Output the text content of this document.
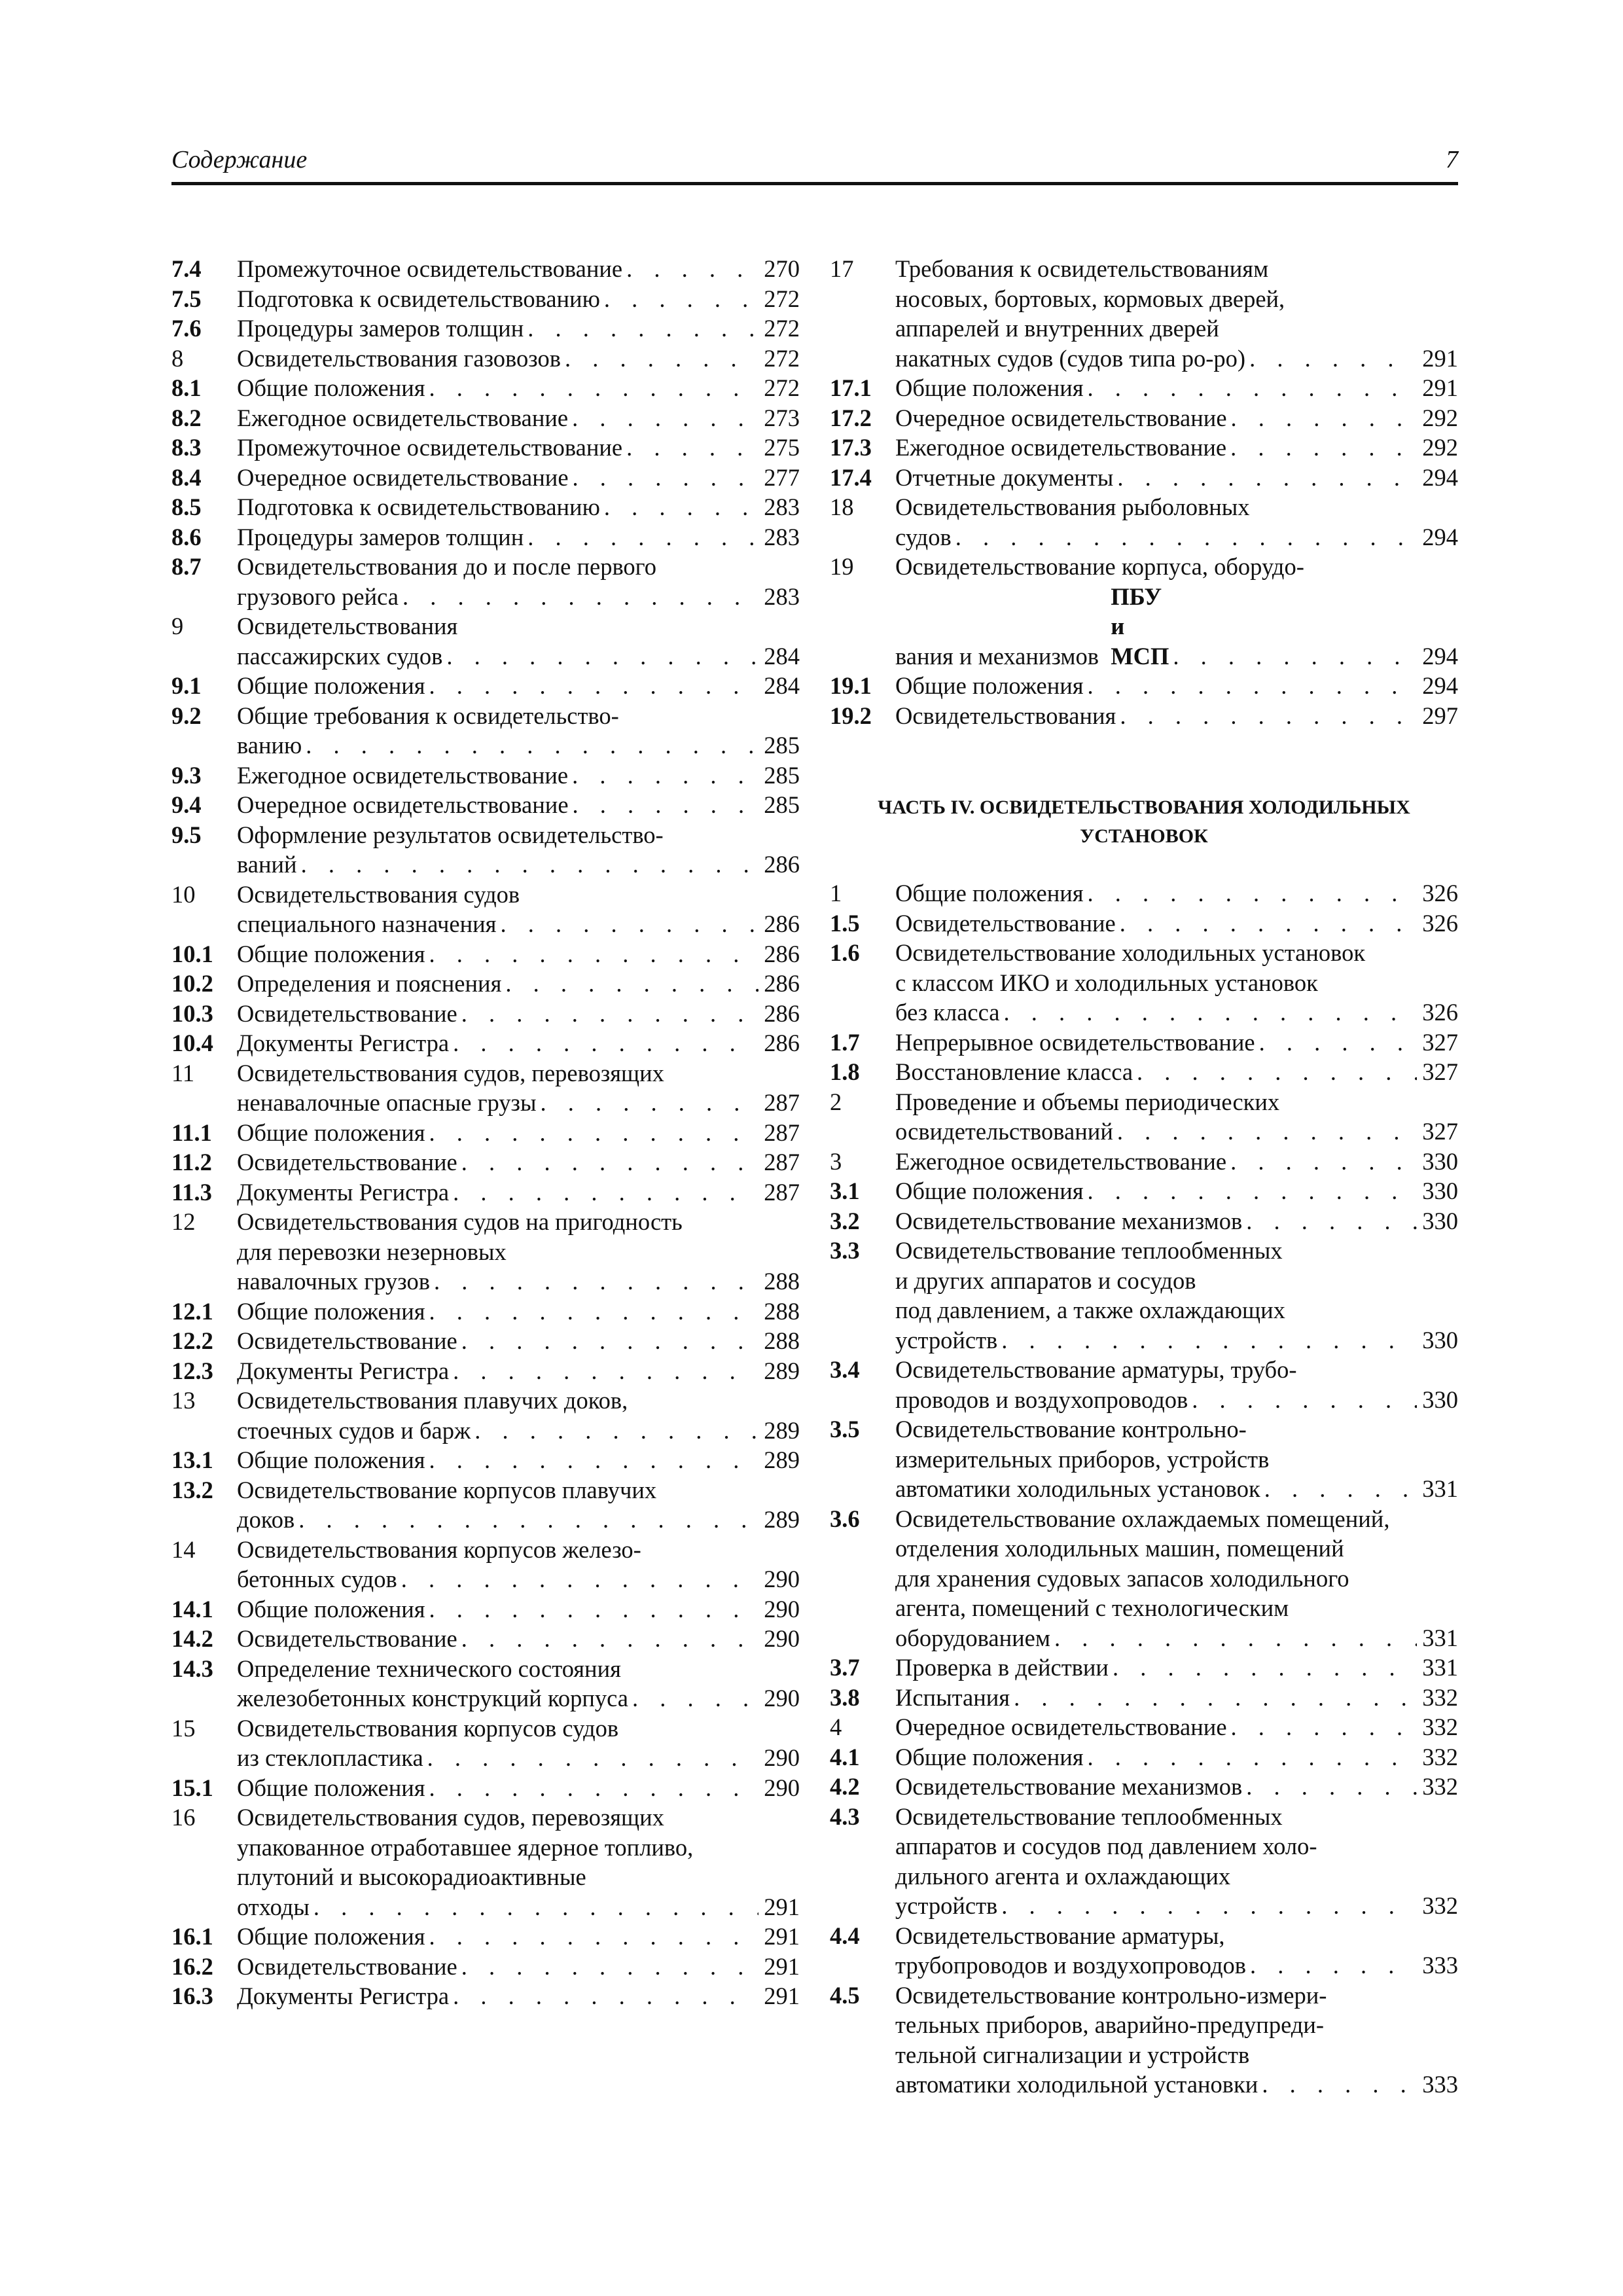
Содержание	7
7.4	Промежуточное освидетельствование . . .	270
7.5	Подготовка к освидетельствованию . . .	272
7.6	Процедуры замеров толщин . . .	272
8	Освидетельствования газовозов . . .	272
8.1	Общие положения . . .	272
8.2	Ежегодное освидетельствование . . .	273
8.3	Промежуточное освидетельствование . . .	275
8.4	Очередное освидетельствование . . .	277
8.5	Подготовка к освидетельствованию . . .	283
8.6	Процедуры замеров толщин . . .	283
8.7	Освидетельствования до и после первого
грузового рейса . . .	283
9	Освидетельствования
пассажирских судов . . .	284
9.1	Общие положения . . .	284
9.2	Общие требования к освидетельство-
ванию . . .	285
9.3	Ежегодное освидетельствование . . .	285
9.4	Очередное освидетельствование . . .	285
9.5	Оформление результатов освидетельство-
ваний . . .	286
10	Освидетельствования судов
специального назначения . . .	286
10.1 Общие положения . . .	286
10.2 Определения и пояснения . . .	286
10.3 Освидетельствование . . .	286
10.4 Документы Регистра . . .	286
11	Освидетельствования судов, перевозящих
ненавалочные опасные грузы . . .	287
11.1	Общие положения . . .	287
11.2	Освидетельствование . . .	287
11.3	Документы Регистра . . .	287
12	Освидетельствования судов на пригодность
для перевозки незерновых
навалочных грузов . . .	288
12.1 Общие положения . . .	288
12.2 Освидетельствование . . .	288
12.3 Документы Регистра . . .	289
13	Освидетельствования плавучих доков,
стоечных судов и барж . . .	289
13.1 Общие положения . . .	289
13.2 Освидетельствование корпусов плавучих
доков . . .	289
14	Освидетельствования корпусов железо-
бетонных судов . . .	290
14.1 Общие положения . . .	290
14.2 Освидетельствование . . .	290
14.3 Определение технического состояния
железобетонных конструкций корпуса . . .	290
15	Освидетельствования корпусов судов
из стеклопластика . . .	290
15.1 Общие положения . . .	290
16	Освидетельствования судов, перевозящих
упакованное отработавшее ядерное топливо,
плутоний и высокорадиоактивные
отходы . . .	291
16.1 Общие положения . . .	291
16.2 Освидетельствование . . .	291
16.3 Документы Регистра . . .	291
17	Требования к освидетельствованиям
носовых, бортовых, кормовых дверей,
аппарелей и внутренних дверей
накатных судов (судов типа ро-ро) . . .	291
17.1 Общие положения . . .	291
17.2 Очередное освидетельствование . . .	292
17.3 Ежегодное освидетельствование . . .	292
17.4 Отчетные документы . . .	294
18	Освидетельствования рыболовных
судов . . .	294
19	Освидетельствование корпуса, оборудо-
вания и механизмов

ПБУ и МСП . . .	294
19.1 Общие положения . . .	294
19.2 Освидетельствования . . .	297
ЧАСТЬ IV. ОСВИДЕТЕЛЬСТВОВАНИЯ ХОЛОДИЛЬНЫХ
УСТАНОВОК
1	Общие положения . . .	326
1.5	Освидетельствование . . .	326
1.6	Освидетельствование холодильных установок
с классом ИКО и холодильных установок
без класса . . .	326
1.7	Непрерывное освидетельствование . . .	327
1.8	Восстановление класса . . .	327
2	Проведение и объемы периодических
освидетельствований . . .	327
3	Ежегодное освидетельствование . . .	330
3.1	Общие положения . . .	330
3.2	Освидетельствование механизмов . . .	330
3.3	Освидетельствование теплообменных
и других аппаратов и сосудов
под давлением, а также охлаждающих
устройств . . .	330
3.4	Освидетельствование арматуры, трубо-
проводов и воздухопроводов . . .	330
3.5	Освидетельствование контрольно-
измерительных приборов, устройств
автоматики холодильных установок . . .	331
3.6	Освидетельствование охлаждаемых помещений,
отделения холодильных машин, помещений
для хранения судовых запасов холодильного
агента, помещений с технологическим
оборудованием . . .	331
3.7	Проверка в действии . . .	331
3.8	Испытания . . .	332
4	Очередное освидетельствование . . .	332
4.1	Общие положения . . .	332
4.2	Освидетельствование механизмов . . .	332
4.3	Освидетельствование теплообменных
аппаратов и сосудов под давлением холо-
дильного агента и охлаждающих
устройств . . .	332
4.4	Освидетельствование арматуры,
трубопроводов и воздухопроводов . . .	333
4.5	Освидетельствование контрольно-измери-
тельных приборов, аварийно-предупреди-
тельной сигнализации и устройств
автоматики холодильной установки . . .	333
